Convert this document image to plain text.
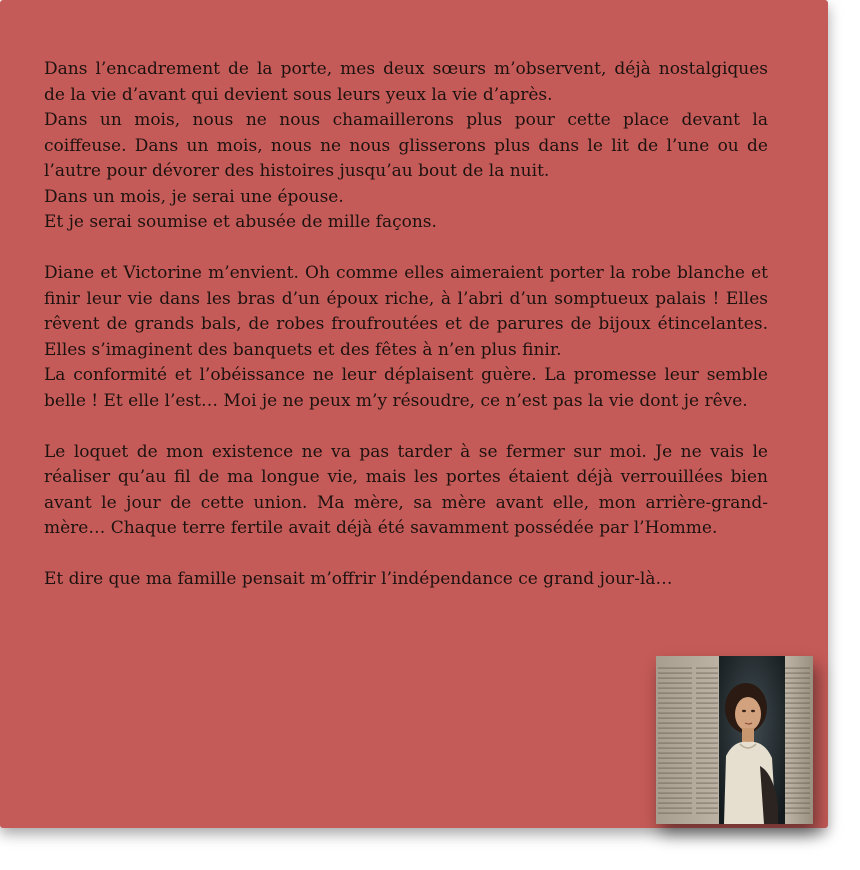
Dans l’encadrement de la porte, mes deux sœurs m’observent, déjà nostalgiques de la vie d’avant qui devient sous leurs yeux la vie d’après.
Dans un mois, nous ne nous chamaillerons plus pour cette place devant la coiffeuse. Dans un mois, nous ne nous glisserons plus dans le lit de l’une ou de l’autre pour dévorer des histoires jusqu’au bout de la nuit.
Dans un mois, je serai une épouse.
Et je serai soumise et abusée de mille façons.

Diane et Victorine m’envient. Oh comme elles aimeraient porter la robe blanche et finir leur vie dans les bras d’un époux riche, à l’abri d’un somptueux palais ! Elles rêvent de grands bals, de robes froufroutées et de parures de bijoux étincelantes. Elles s’imaginent des banquets et des fêtes à n’en plus finir.
La conformité et l’obéissance ne leur déplaisent guère. La promesse leur semble belle ! Et elle l’est… Moi je ne peux m’y résoudre, ce n’est pas la vie dont je rêve.

Le loquet de mon existence ne va pas tarder à se fermer sur moi. Je ne vais le réaliser qu’au fil de ma longue vie, mais les portes étaient déjà verrouillées bien avant le jour de cette union. Ma mère, sa mère avant elle, mon arrière-grand-mère… Chaque terre fertile avait déjà été savamment possédée par l’Homme.

Et dire que ma famille pensait m’offrir l’indépendance ce grand jour-là…
